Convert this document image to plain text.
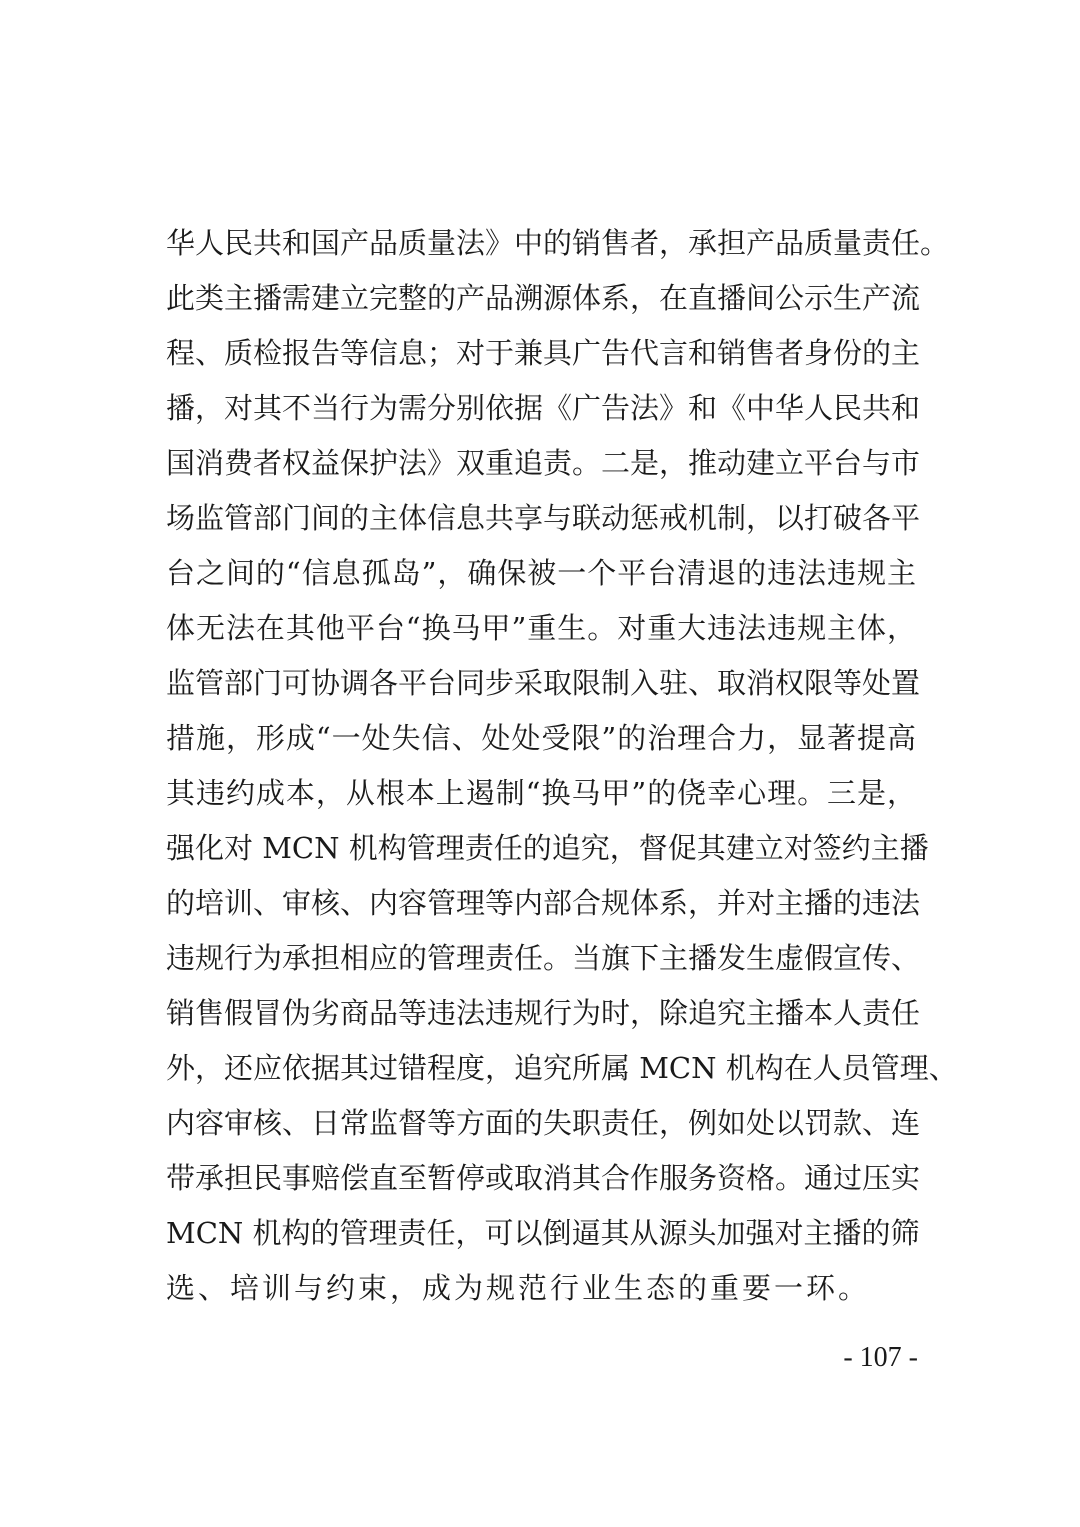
华人民共和国产品质量法》中的销售者，承担产品质量责任。
此类主播需建立完整的产品溯源体系，在直播间公示生产流
程、质检报告等信息；对于兼具广告代言和销售者身份的主
播，对其不当行为需分别依据《广告法》和《中华人民共和
国消费者权益保护法》双重追责。二是，推动建立平台与市
场监管部门间的主体信息共享与联动惩戒机制，以打破各平
台之间的“信息孤岛”，确保被一个平台清退的违法违规主
体无法在其他平台“换马甲”重生。对重大违法违规主体，
监管部门可协调各平台同步采取限制入驻、取消权限等处置
措施，形成“一处失信、处处受限”的治理合力，显著提高
其违约成本，从根本上遏制“换马甲”的侥幸心理。三是，
强化对 MCN 机构管理责任的追究，督促其建立对签约主播
的培训、审核、内容管理等内部合规体系，并对主播的违法
违规行为承担相应的管理责任。当旗下主播发生虚假宣传、
销售假冒伪劣商品等违法违规行为时，除追究主播本人责任
外，还应依据其过错程度，追究所属 MCN 机构在人员管理、
内容审核、日常监督等方面的失职责任，例如处以罚款、连
带承担民事赔偿直至暂停或取消其合作服务资格。通过压实
MCN 机构的管理责任，可以倒逼其从源头加强对主播的筛
选、培训与约束，成为规范行业生态的重要一环。
- 107 -
